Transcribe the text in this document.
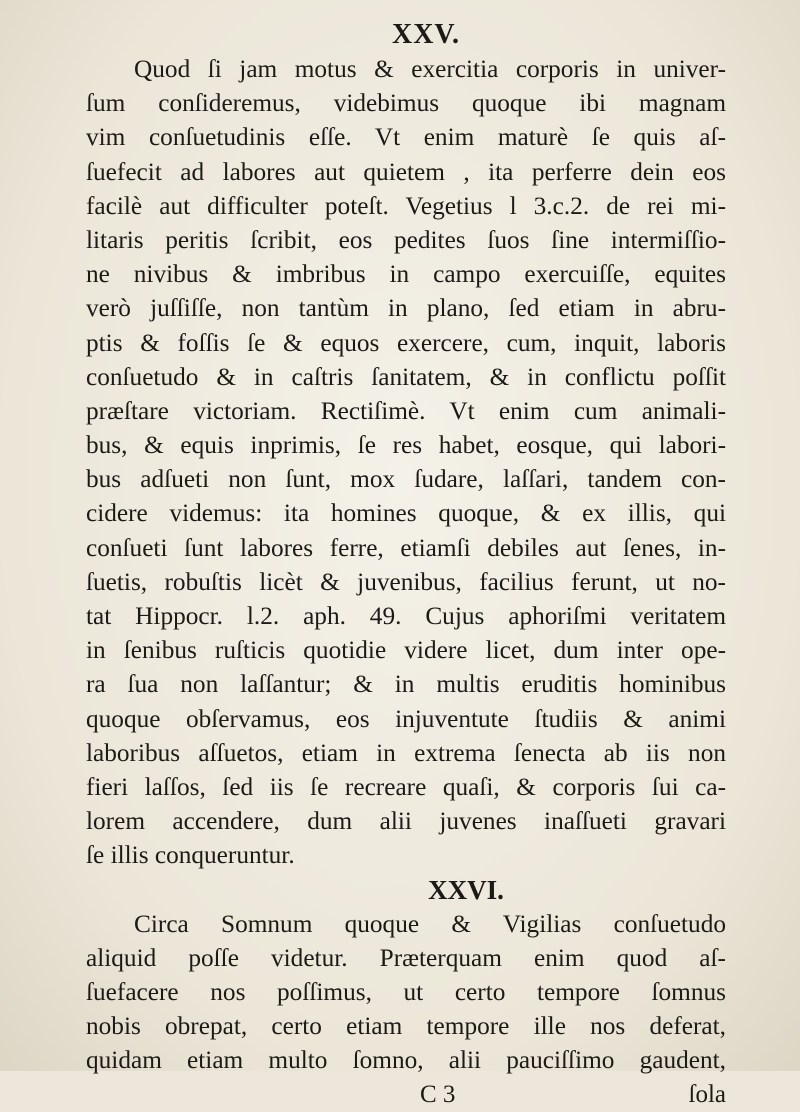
XXV.
Quod ſi jam motus & exercitia corporis in univer-
ſum conſideremus, videbimus quoque ibi magnam
vim conſuetudinis eſſe. Vt enim maturè ſe quis aſ-
ſuefecit ad labores aut quietem , ita perferre dein eos
facilè aut difficulter poteſt. Vegetius l 3.c.2. de rei mi-
litaris peritis ſcribit, eos pedites ſuos ſine intermiſſio-
ne nivibus & imbribus in campo exercuiſſe, equites
verò juſſiſſe, non tantùm in plano, ſed etiam in abru-
ptis & foſſis ſe & equos exercere, cum, inquit, laboris
conſuetudo & in caſtris ſanitatem, & in conflictu poſſit
præſtare victoriam. Rectiſimè. Vt enim cum animali-
bus, & equis inprimis, ſe res habet, eosque, qui labori-
bus adſueti non ſunt, mox ſudare, laſſari, tandem con-
cidere videmus: ita homines quoque, & ex illis, qui
conſueti ſunt labores ferre, etiamſi debiles aut ſenes, in-
ſuetis, robuſtis licèt & juvenibus, facilius ferunt, ut no-
tat Hippocr. l.2. aph. 49. Cujus aphoriſmi veritatem
in ſenibus ruſticis quotidie videre licet, dum inter ope-
ra ſua non laſſantur; & in multis eruditis hominibus
quoque obſervamus, eos injuventute ſtudiis & animi
laboribus aſſuetos, etiam in extrema ſenecta ab iis non
fieri laſſos, ſed iis ſe recreare quaſi, & corporis ſui ca-
lorem accendere, dum alii juvenes inaſſueti gravari
ſe illis conqueruntur.
XXVI.
Circa Somnum quoque & Vigilias conſuetudo
aliquid poſſe videtur. Præterquam enim quod aſ-
ſuefacere nos poſſimus, ut certo tempore ſomnus
nobis obrepat, certo etiam tempore ille nos deferat,
quidam etiam multo ſomno, alii pauciſſimo gaudent,
C 3	ſola
